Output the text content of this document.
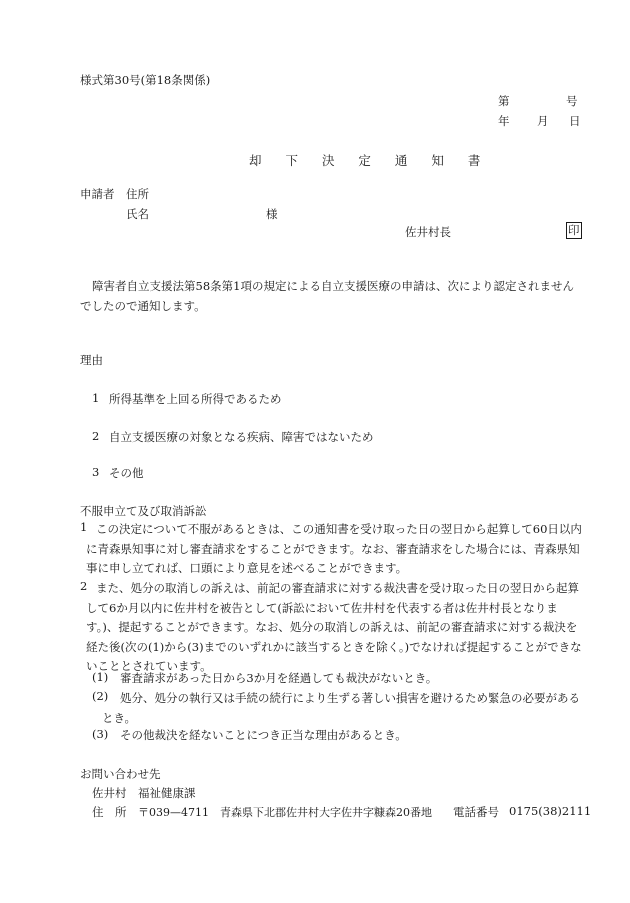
様式第30号(第18条関係)
第	号
年 月 日
却 下 決 定 通 知 書
申請者 住所
氏名	様
佐井村長	印
障害者自立支援法第58条第1項の規定による自立支援医療の申請は、次により認定されませんでしたので通知します。
理由
1 所得基準を上回る所得であるため
2 自立支援医療の対象となる疾病、障害ではないため
3 その他
不服申立て及び取消訴訟
1 この決定について不服があるときは、この通知書を受け取った日の翌日から起算して60日以内に青森県知事に対し審査請求をすることができます。なお、審査請求をした場合には、青森県知事に申し立てれば、口頭により意見を述べることができます。
2 また、処分の取消しの訴えは、前記の審査請求に対する裁決書を受け取った日の翌日から起算して6か月以内に佐井村を被告として(訴訟において佐井村を代表する者は佐井村長となります。)、提起することができます。なお、処分の取消しの訴えは、前記の審査請求に対する裁決を経た後(次の(1)から(3)までのいずれかに該当するときを除く。)でなければ提起することができないこととされています。
(1) 審査請求があった日から3か月を経過しても裁決がないとき。
(2)	処分、処分の執行又は手続の続行により生ずる著しい損害を避けるため緊急の必要があるとき。
(3) その他裁決を経ないことにつき正当な理由があるとき。
お問い合わせ先
佐井村　福祉健康課
住　所 〒039—4711　青森県下北郡佐井村大字佐井字糠森20番地 電話番号 0175(38)2111
